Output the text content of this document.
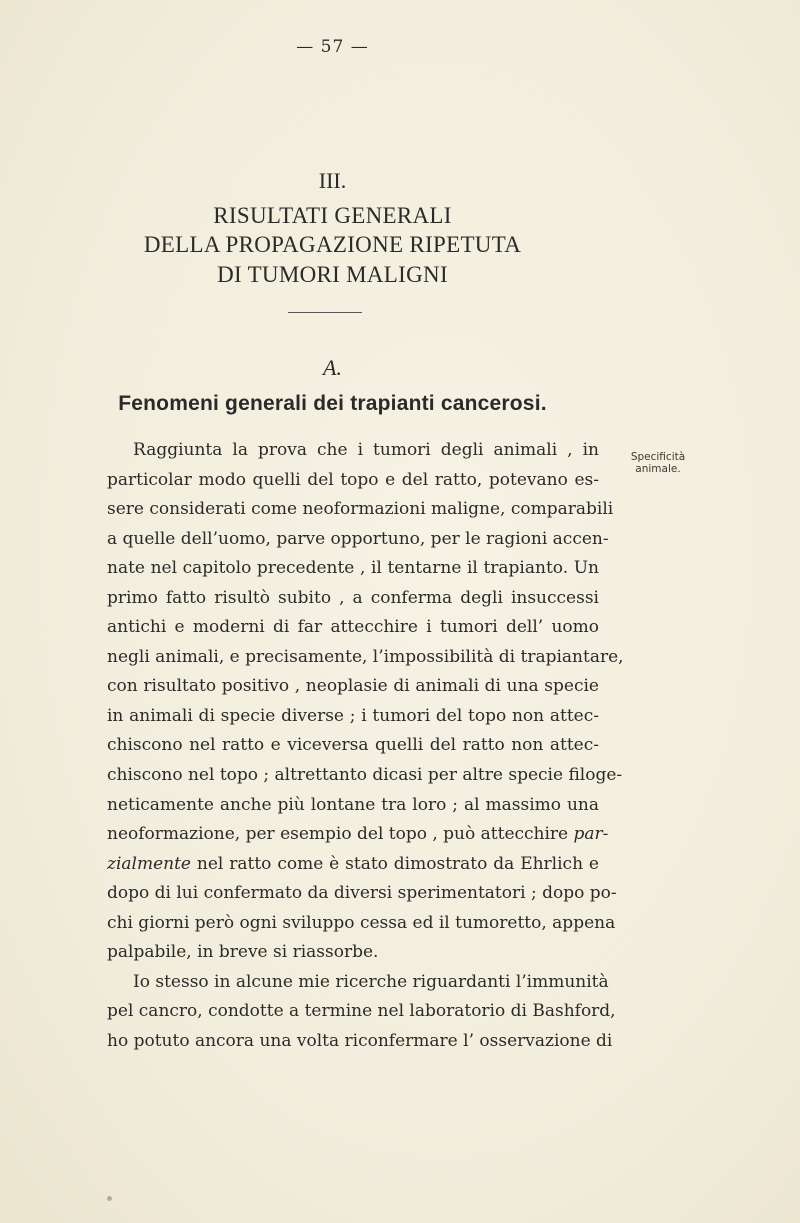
— 57 —
III.
RISULTATI GENERALI
DELLA PROPAGAZIONE RIPETUTA
DI TUMORI MALIGNI
A.
Fenomeni generali dei trapianti cancerosi.
Specificità
animale.
Raggiunta la prova che i tumori degli animali , in
particolar modo quelli del topo e del ratto, potevano es-
sere considerati come neoformazioni maligne, comparabili
a quelle dell’uomo, parve opportuno, per le ragioni accen-
nate nel capitolo precedente , il tentarne il trapianto. Un
primo fatto risultò subito , a conferma degli insuccessi
antichi e moderni di far attecchire i tumori dell’ uomo
negli animali, e precisamente, l’impossibilità di trapiantare,
con risultato positivo , neoplasie di animali di una specie
in animali di specie diverse ; i tumori del topo non attec-
chiscono nel ratto e viceversa quelli del ratto non attec-
chiscono nel topo ; altrettanto dicasi per altre specie filoge-
neticamente anche più lontane tra loro ; al massimo una
neoformazione, per esempio del topo , può attecchire par-
zialmente nel ratto come è stato dimostrato da Ehrlich e
dopo di lui confermato da diversi sperimentatori ; dopo po-
chi giorni però ogni sviluppo cessa ed il tumoretto, appena
palpabile, in breve si riassorbe.
Io stesso in alcune mie ricerche riguardanti l’immunità
pel cancro, condotte a termine nel laboratorio di Bashford,
ho potuto ancora una volta riconfermare l’ osservazione di
